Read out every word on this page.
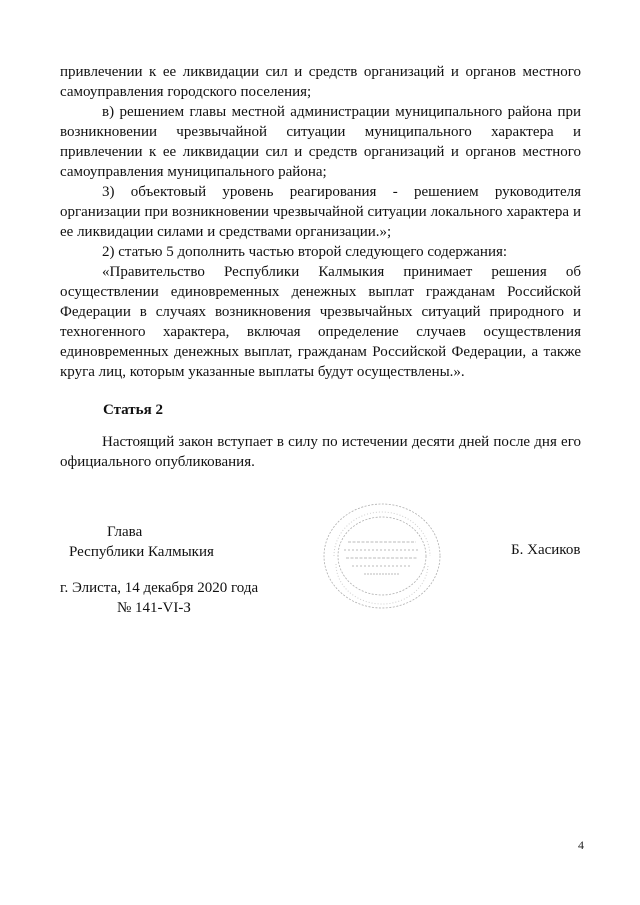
привлечении к ее ликвидации сил и средств организаций и органов местного самоуправления городского поселения;

в) решением главы местной администрации муниципального района при возникновении чрезвычайной ситуации муниципального характера и привлечении к ее ликвидации сил и средств организаций и органов местного самоуправления муниципального района;

3) объектовый уровень реагирования - решением руководителя организации при возникновении чрезвычайной ситуации локального характера и ее ликвидации силами и средствами организации.»;

2) статью 5 дополнить частью второй следующего содержания:

«Правительство Республики Калмыкия принимает решения об осуществлении единовременных денежных выплат гражданам Российской Федерации в случаях возникновения чрезвычайных ситуаций природного и техногенного характера, включая определение случаев осуществления единовременных денежных выплат, гражданам Российской Федерации, а также круга лиц, которым указанные выплаты будут осуществлены.».

Статья 2

Настоящий закон вступает в силу по истечении десяти дней после дня его официального опубликования.

Глава
Республики Калмыкия	Б. Хасиков
г. Элиста, 14 декабря 2020 года
№ 141-VI-З
4
